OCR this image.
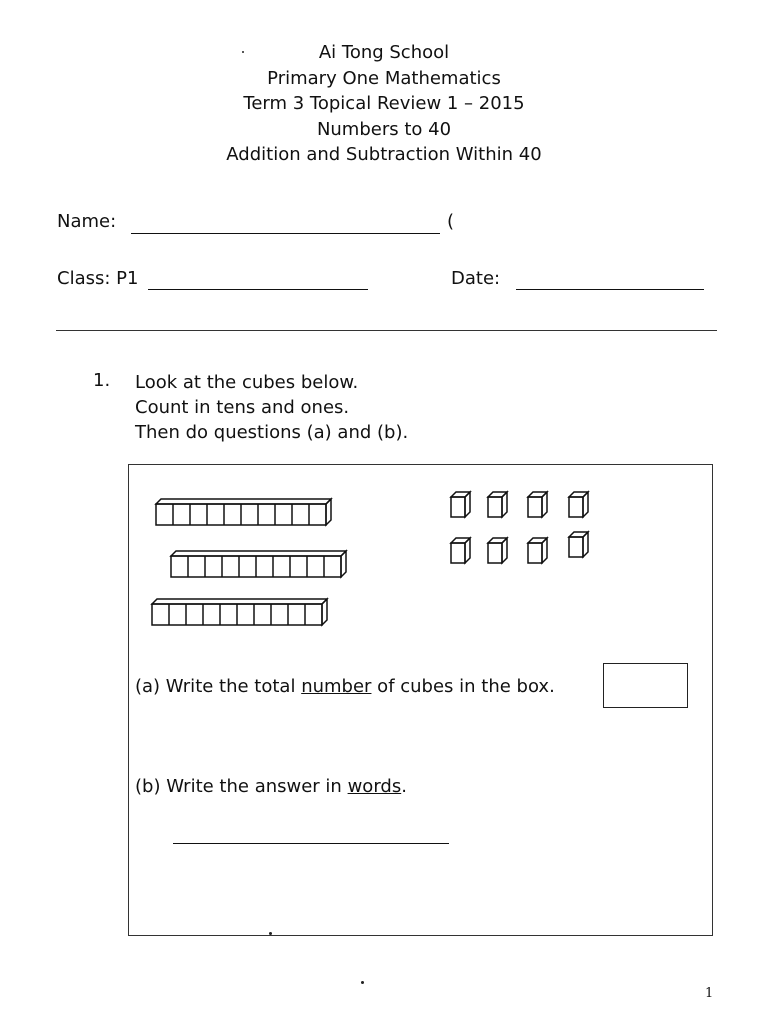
Ai Tong School
Primary One Mathematics
Term 3 Topical Review 1 – 2015
Numbers to 40
Addition and Subtraction Within 40
Name:	(
Class: P1	Date:
1. Look at the cubes below.
Count in tens and ones.
Then do questions (a) and (b).
(a) Write the total number of cubes in the box.
(b) Write the answer in words.
1
